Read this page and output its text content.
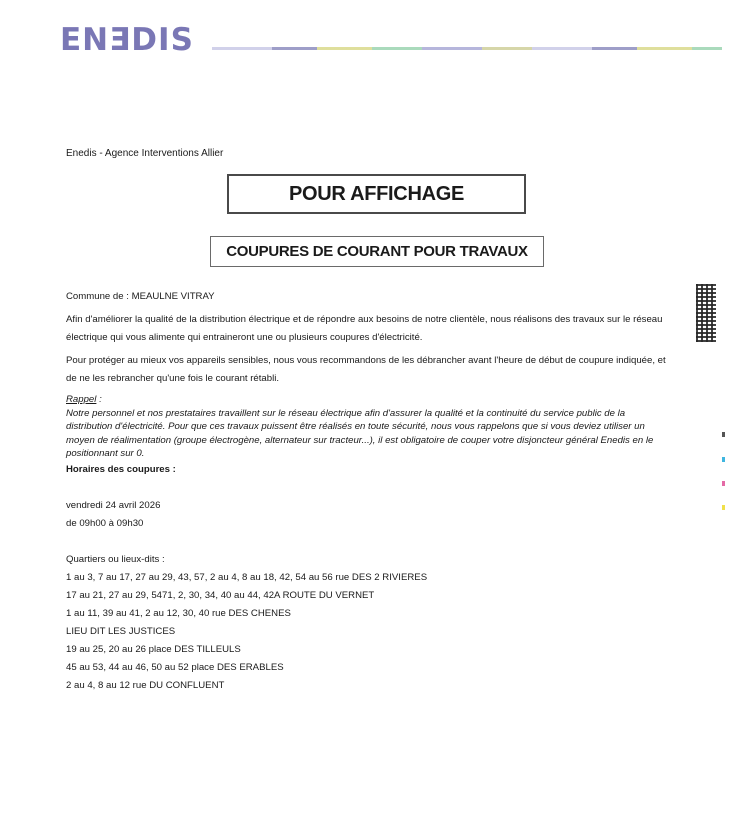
ENƎDIS
Enedis - Agence Interventions Allier
POUR AFFICHAGE
COUPURES DE COURANT POUR TRAVAUX

Commune de : MEAULNE VITRAY

Afin d'améliorer la qualité de la distribution électrique et de répondre aux besoins de notre clientèle, nous réalisons des travaux sur le réseau électrique qui vous alimente qui entraineront une ou plusieurs coupures d'électricité.

Pour protéger au mieux vos appareils sensibles, nous vous recommandons de les débrancher avant l'heure de début de coupure indiquée, et de ne les rebrancher qu'une fois le courant rétabli.

Rappel :
Notre personnel et nos prestataires travaillent sur le réseau électrique afin d'assurer la qualité et la continuité du service public de la distribution d'électricité. Pour que ces travaux puissent être réalisés en toute sécurité, nous vous rappelons que si vous deviez utiliser un moyen de réalimentation (groupe électrogène, alternateur sur tracteur...), il est obligatoire de couper votre disjoncteur général Enedis en le positionnant sur 0.

Horaires des coupures :

vendredi 24 avril 2026

de 09h00 à 09h30

Quartiers ou lieux-dits :

1 au 3, 7 au 17, 27 au 29, 43, 57, 2 au 4, 8 au 18, 42, 54 au 56 rue DES 2 RIVIERES

17 au 21, 27 au 29, 5471, 2, 30, 34, 40 au 44, 42A ROUTE DU VERNET

1 au 11, 39 au 41, 2 au 12, 30, 40 rue DES CHENES

LIEU DIT LES JUSTICES

19 au 25, 20 au 26 place DES TILLEULS

45 au 53, 44 au 46, 50 au 52 place DES ERABLES

2 au 4, 8 au 12 rue DU CONFLUENT
